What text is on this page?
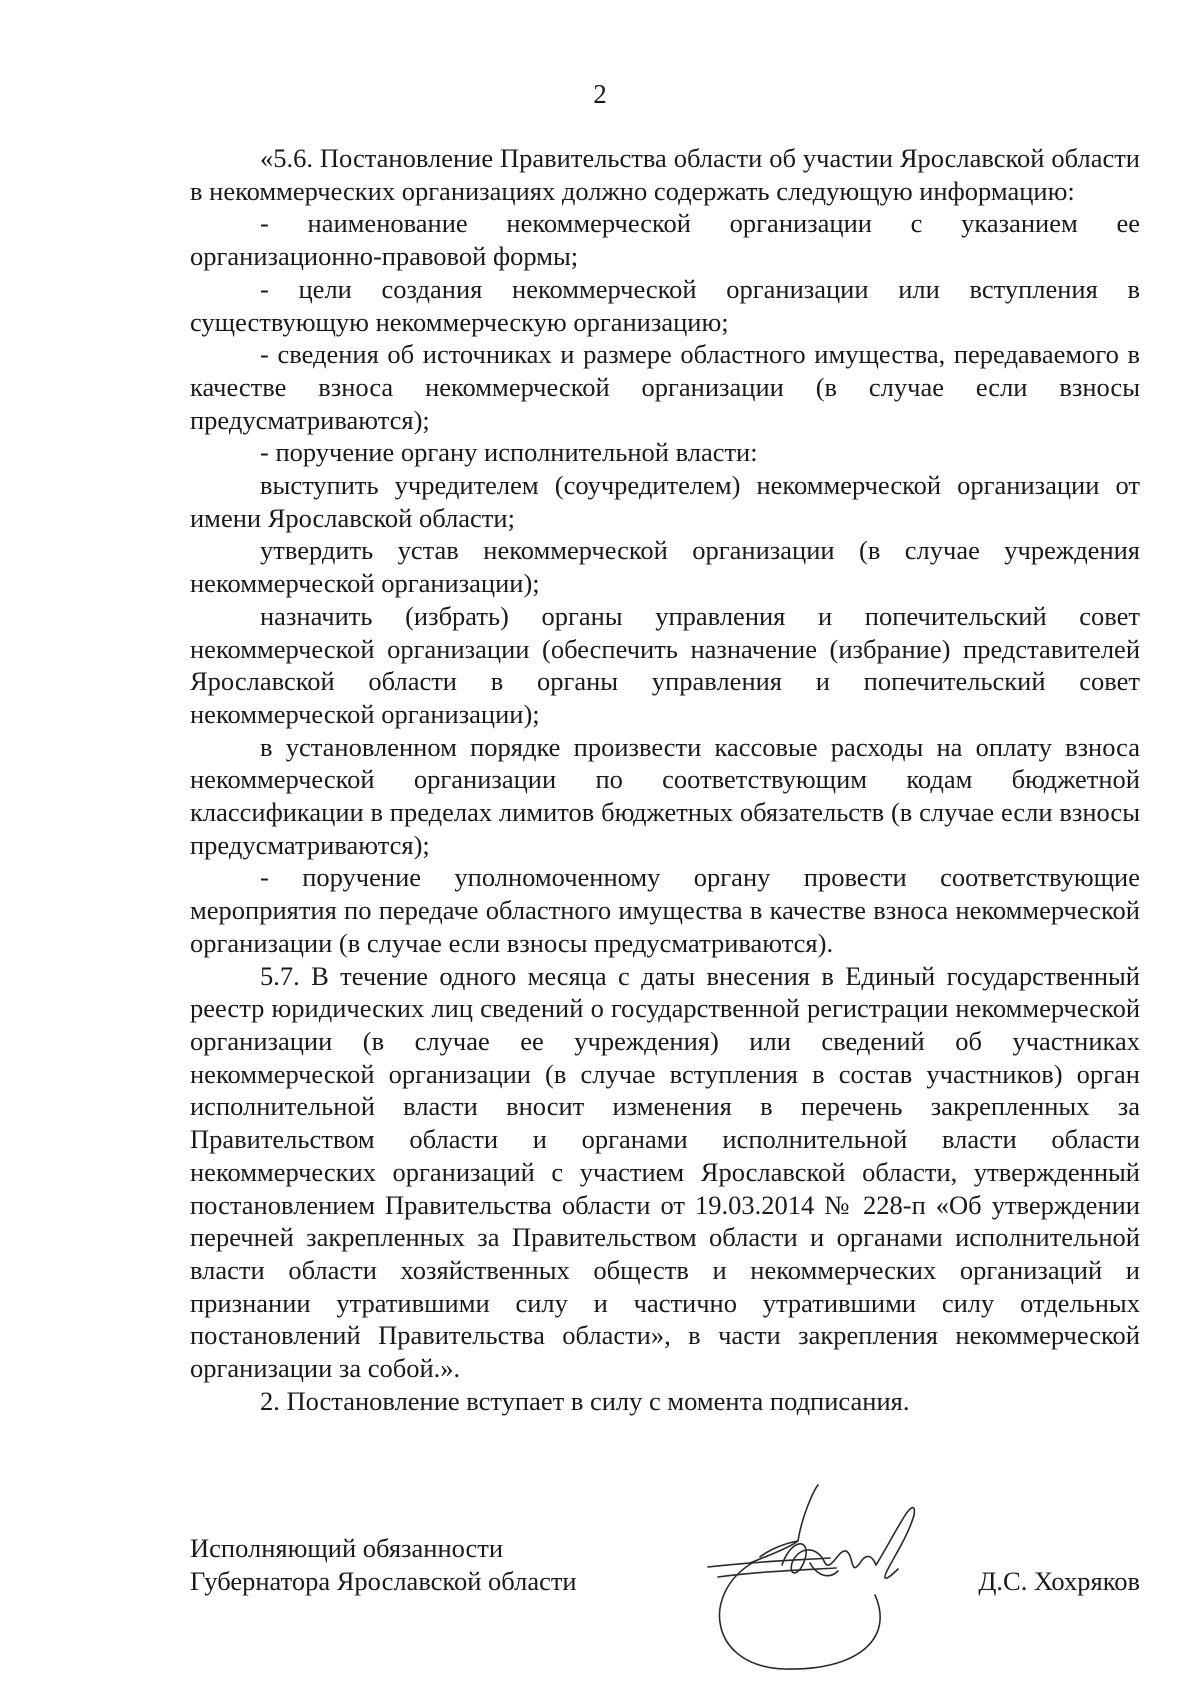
2

«5.6. Постановление Правительства области об участии Ярославской области в некоммерческих организациях должно содержать следующую информацию:

- наименование некоммерческой организации с указанием ее организационно-правовой формы;

- цели создания некоммерческой организации или вступления в существующую некоммерческую организацию;

- сведения об источниках и размере областного имущества, передаваемого в качестве взноса некоммерческой организации (в случае если взносы предусматриваются);

- поручение органу исполнительной власти:

выступить учредителем (соучредителем) некоммерческой организации от имени Ярославской области;

утвердить устав некоммерческой организации (в случае учреждения некоммерческой организации);

назначить (избрать) органы управления и попечительский совет некоммерческой организации (обеспечить назначение (избрание) представителей Ярославской области в органы управления и попечительский совет некоммерческой организации);

в установленном порядке произвести кассовые расходы на оплату взноса некоммерческой организации по соответствующим кодам бюджетной классификации в пределах лимитов бюджетных обязательств (в случае если взносы предусматриваются);

- поручение уполномоченному органу провести соответствующие мероприятия по передаче областного имущества в качестве взноса некоммерческой организации (в случае если взносы предусматриваются).

5.7. В течение одного месяца с даты внесения в Единый государственный реестр юридических лиц сведений о государственной регистрации некоммерческой организации (в случае ее учреждения) или сведений об участниках некоммерческой организации (в случае вступления в состав участников) орган исполнительной власти вносит изменения в перечень закрепленных за Правительством области и органами исполнительной власти области некоммерческих организаций с участием Ярославской области, утвержденный постановлением Правительства области от 19.03.2014 № 228-п «Об утверждении перечней закрепленных за Правительством области и органами исполнительной власти области хозяйственных обществ и некоммерческих организаций и признании утратившими силу и частично утратившими силу отдельных постановлений Правительства области», в части закрепления некоммерческой организации за собой.».

2. Постановление вступает в силу с момента подписания.

Исполняющий обязанности
Губернатора Ярославской области	Д.С. Хохряков
